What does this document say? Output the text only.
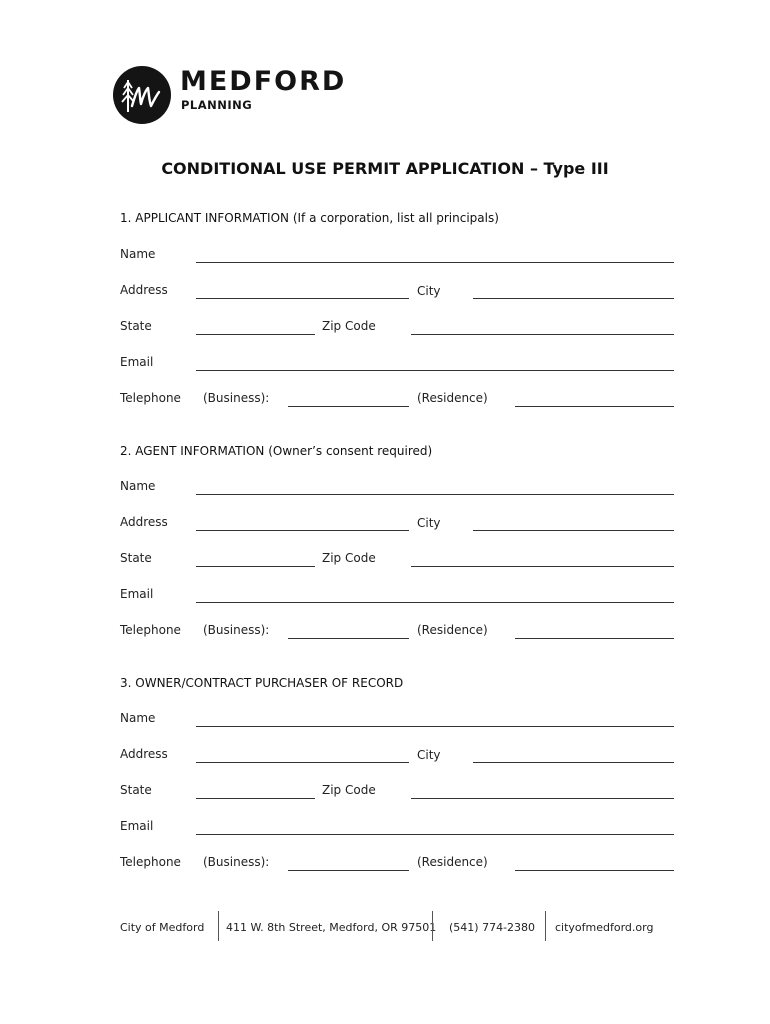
MEDFORD
PLANNING
CONDITIONAL USE PERMIT APPLICATION – Type III
1. APPLICANT INFORMATION (If a corporation, list all principals)
Name
Address	City
State	Zip Code
Email
Telephone (Business):	(Residence)
2. AGENT INFORMATION (Owner’s consent required)
Name
Address	City
State	Zip Code
Email
Telephone (Business):	(Residence)
3. OWNER/CONTRACT PURCHASER OF RECORD
Name
Address	City
State	Zip Code
Email
Telephone (Business):	(Residence)
City of Medford 411 W. 8th Street, Medford, OR 97501 (541) 774-2380 cityofmedford.org
